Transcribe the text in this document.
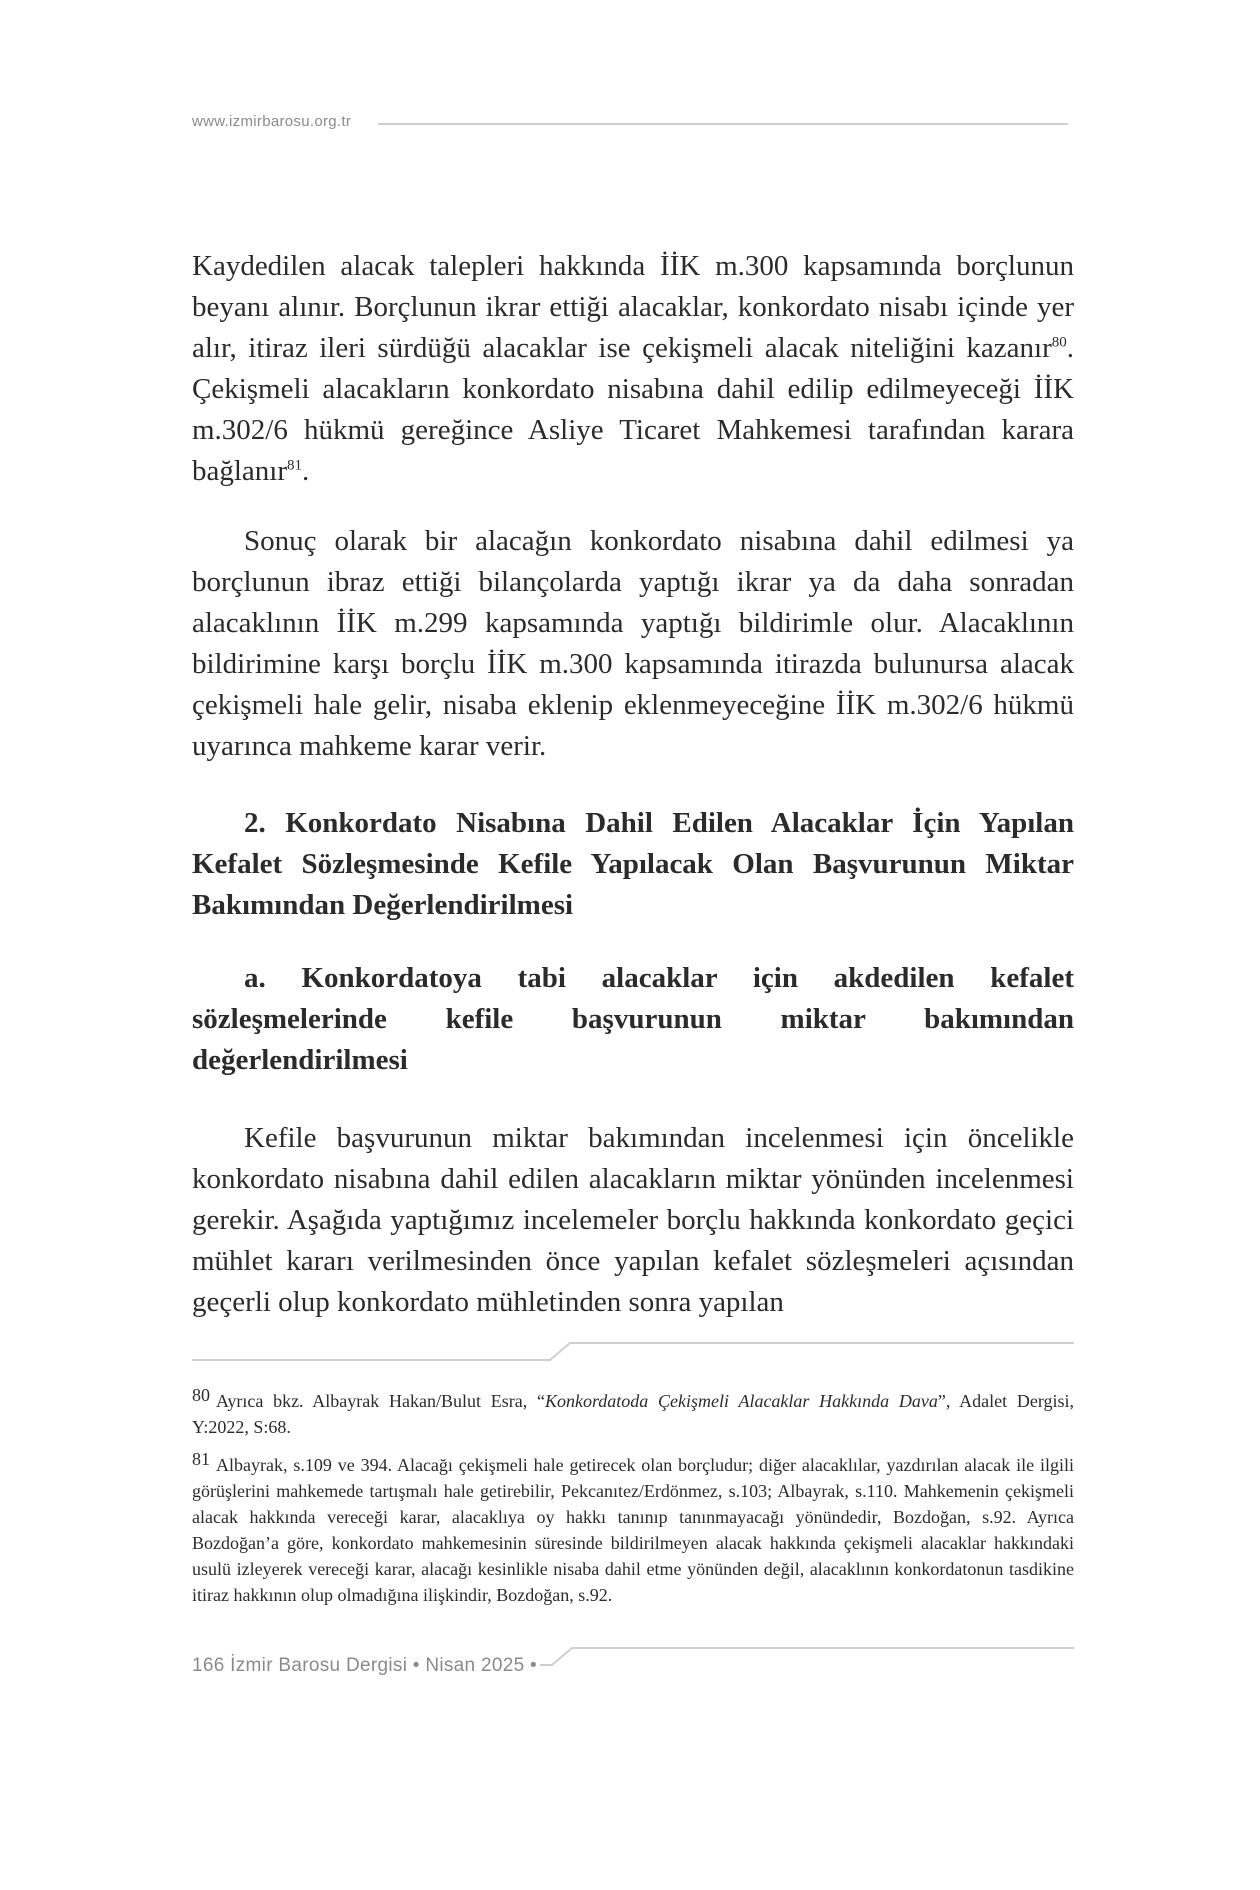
www.izmirbarosu.org.tr
Kaydedilen alacak talepleri hakkında İİK m.300 kapsamında borçlunun beyanı alınır. Borçlunun ikrar ettiği alacaklar, konkordato nisabı içinde yer alır, itiraz ileri sürdüğü alacaklar ise çekişmeli alacak niteliğini kazanır$^{80}$. Çekişmeli alacakların konkordato nisabına dahil edilip edilmeyeceği İİK m.302/6 hükmü gereğince Asliye Ticaret Mahkemesi tarafından karara bağlanır$^{81}$.
Sonuç olarak bir alacağın konkordato nisabına dahil edilmesi ya borçlunun ibraz ettiği bilançolarda yaptığı ikrar ya da daha sonradan alacaklının İİK m.299 kapsamında yaptığı bildirimle olur. Alacaklının bildirimine karşı borçlu İİK m.300 kapsamında itirazda bulunursa alacak çekişmeli hale gelir, nisaba eklenip eklenmeyeceğine İİK m.302/6 hükmü uyarınca mahkeme karar verir.
2. Konkordato Nisabına Dahil Edilen Alacaklar İçin Yapılan Kefalet Sözleşmesinde Kefile Yapılacak Olan Başvurunun Miktar Bakımından Değerlendirilmesi
a. Konkordatoya tabi alacaklar için akdedilen kefalet sözleşmelerinde kefile başvurunun miktar bakımından değerlendirilmesi
Kefile başvurunun miktar bakımından incelenmesi için öncelikle konkordato nisabına dahil edilen alacakların miktar yönünden incelenmesi gerekir. Aşağıda yaptığımız incelemeler borçlu hakkında konkordato geçici mühlet kararı verilmesinden önce yapılan kefalet sözleşmeleri açısından geçerli olup konkordato mühletinden sonra yapılan
80 Ayrıca bkz. Albayrak Hakan/Bulut Esra, “Konkordatoda Çekişmeli Alacaklar Hakkında Dava”, Adalet Dergisi, Y:2022, S:68.
81 Albayrak, s.109 ve 394. Alacağı çekişmeli hale getirecek olan borçludur; diğer alacaklılar, yazdırılan alacak ile ilgili görüşlerini mahkemede tartışmalı hale getirebilir, Pekcanıtez/Erdönmez, s.103; Albayrak, s.110. Mahkemenin çekişmeli alacak hakkında vereceği karar, alacaklıya oy hakkı tanınıp tanınmayacağı yönündedir, Bozdoğan, s.92. Ayrıca Bozdoğan’a göre, konkordato mahkemesinin süresinde bildirilmeyen alacak hakkında çekişmeli alacaklar hakkındaki usulü izleyerek vereceği karar, alacağı kesinlikle nisaba dahil etme yönünden değil, alacaklının konkordatonun tasdikine itiraz hakkının olup olmadığına ilişkindir, Bozdoğan, s.92.
166 İzmir Barosu Dergisi • Nisan 2025 •
